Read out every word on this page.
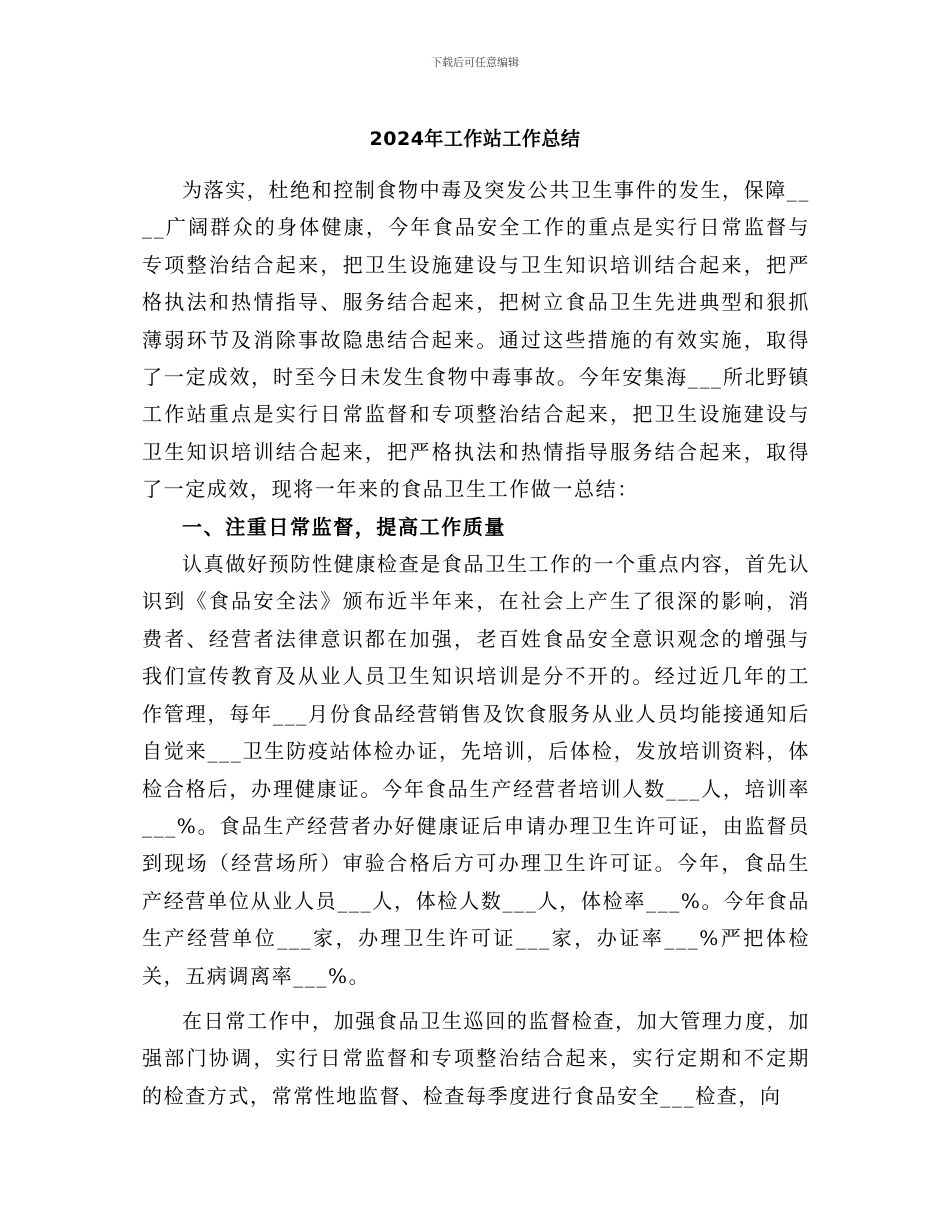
下载后可任意编辑
2024年工作站工作总结

为落实，杜绝和控制食物中毒及突发公共卫生事件的发生，保障____广阔群众的身体健康，今年食品安全工作的重点是实行日常监督与专项整治结合起来，把卫生设施建设与卫生知识培训结合起来，把严格执法和热情指导、服务结合起来，把树立食品卫生先进典型和狠抓薄弱环节及消除事故隐患结合起来。通过这些措施的有效实施，取得了一定成效，时至今日未发生食物中毒事故。今年安集海___所北野镇工作站重点是实行日常监督和专项整治结合起来，把卫生设施建设与卫生知识培训结合起来，把严格执法和热情指导服务结合起来，取得了一定成效，现将一年来的食品卫生工作做一总结：

一、注重日常监督，提高工作质量

认真做好预防性健康检查是食品卫生工作的一个重点内容，首先认识到《食品安全法》颁布近半年来，在社会上产生了很深的影响，消费者、经营者法律意识都在加强，老百姓食品安全意识观念的增强与我们宣传教育及从业人员卫生知识培训是分不开的。经过近几年的工作管理，每年___月份食品经营销售及饮食服务从业人员均能接通知后自觉来___卫生防疫站体检办证，先培训，后体检，发放培训资料，体检合格后，办理健康证。今年食品生产经营者培训人数___人，培训率___%。食品生产经营者办好健康证后申请办理卫生许可证，由监督员到现场（经营场所）审验合格后方可办理卫生许可证。今年，食品生产经营单位从业人员___人，体检人数___人，体检率___%。今年食品生产经营单位___家，办理卫生许可证___家，办证率___%严把体检关，五病调离率___%。

在日常工作中，加强食品卫生巡回的监督检查，加大管理力度，加强部门协调，实行日常监督和专项整治结合起来，实行定期和不定期的检查方式，常常性地监督、检查每季度进行食品安全___检查，向
